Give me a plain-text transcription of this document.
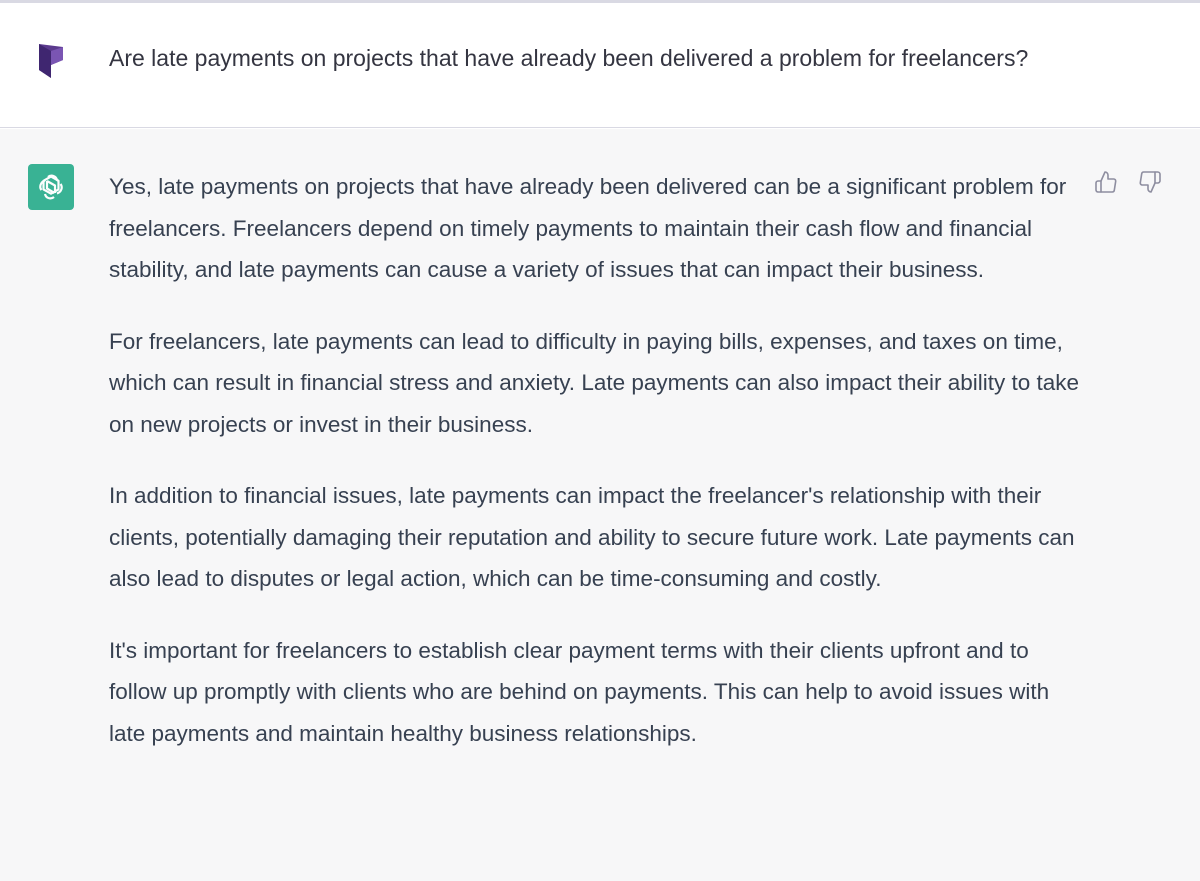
Are late payments on projects that have already been delivered a problem for freelancers?

Yes, late payments on projects that have already been delivered can be a significant problem for freelancers. Freelancers depend on timely payments to maintain their cash flow and financial stability, and late payments can cause a variety of issues that can impact their business.

For freelancers, late payments can lead to difficulty in paying bills, expenses, and taxes on time, which can result in financial stress and anxiety. Late payments can also impact their ability to take on new projects or invest in their business.

In addition to financial issues, late payments can impact the freelancer's relationship with their clients, potentially damaging their reputation and ability to secure future work. Late payments can also lead to disputes or legal action, which can be time-consuming and costly.

It's important for freelancers to establish clear payment terms with their clients upfront and to follow up promptly with clients who are behind on payments. This can help to avoid issues with late payments and maintain healthy business relationships.
